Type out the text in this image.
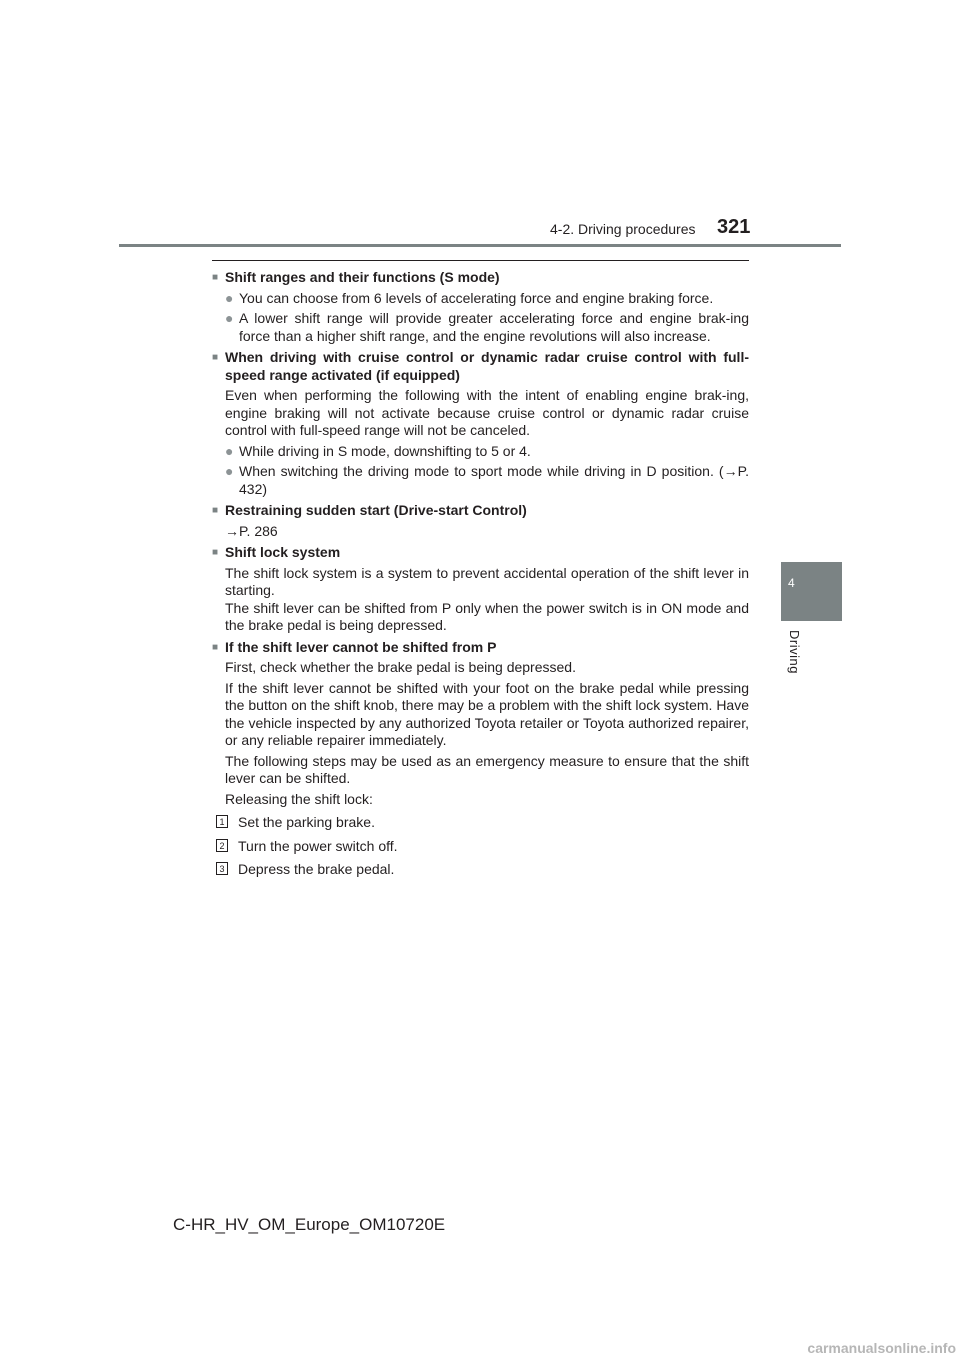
4-2. Driving procedures 321
4
Driving
■ Shift ranges and their functions (S mode)
● You can choose from 6 levels of accelerating force and engine braking force.
● A lower shift range will provide greater accelerating force and engine brak-ing force than a higher shift range, and the engine revolutions will also increase.
■ When driving with cruise control or dynamic radar cruise control with full-speed range activated (if equipped)
Even when performing the following with the intent of enabling engine brak-ing, engine braking will not activate because cruise control or dynamic radar cruise control with full-speed range will not be canceled.
● While driving in S mode, downshifting to 5 or 4.
● When switching the driving mode to sport mode while driving in D position. (→P. 432)
■ Restraining sudden start (Drive-start Control)
→P. 286
■ Shift lock system
The shift lock system is a system to prevent accidental operation of the shift lever in starting.
The shift lever can be shifted from P only when the power switch is in ON mode and the brake pedal is being depressed.
■ If the shift lever cannot be shifted from P
First, check whether the brake pedal is being depressed.
If the shift lever cannot be shifted with your foot on the brake pedal while pressing the button on the shift knob, there may be a problem with the shift lock system. Have the vehicle inspected by any authorized Toyota retailer or Toyota authorized repairer, or any reliable repairer immediately.
The following steps may be used as an emergency measure to ensure that the shift lever can be shifted.
Releasing the shift lock:
1 Set the parking brake.
2 Turn the power switch off.
3 Depress the brake pedal.
C-HR_HV_OM_Europe_OM10720E
carmanualsonline.info
